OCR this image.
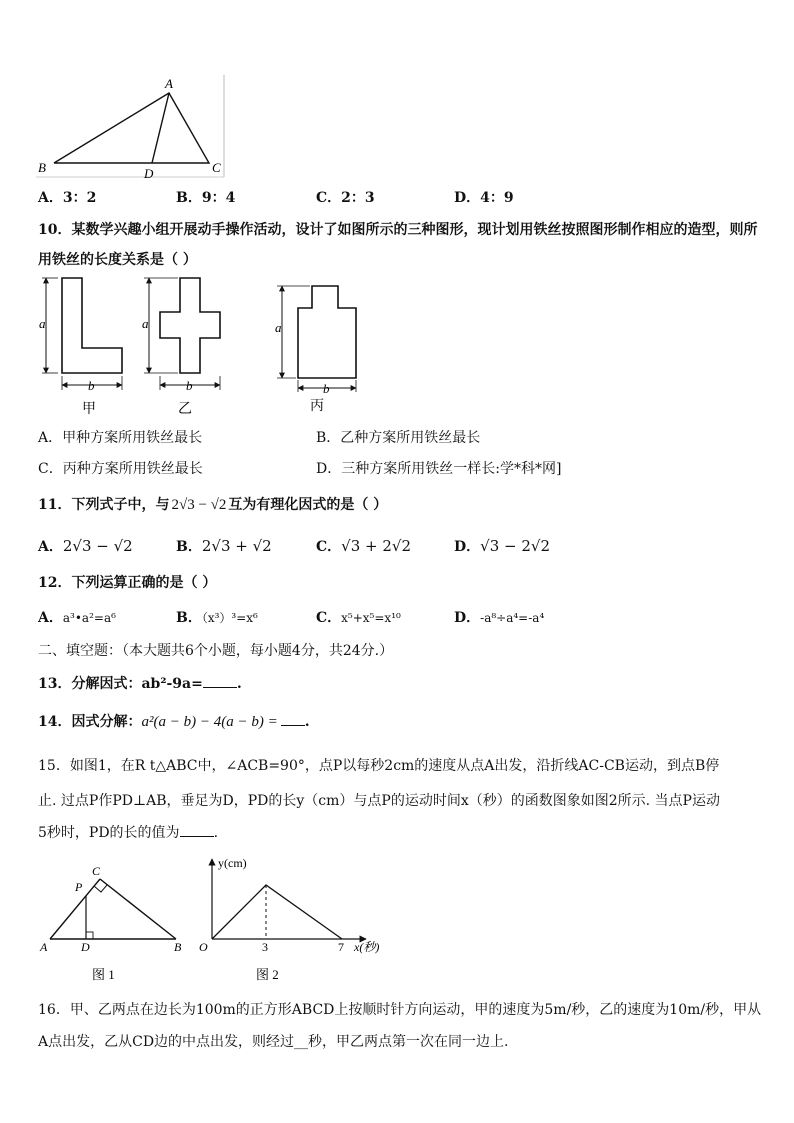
A
B	C
D
A．3：2	B．9：4	C．2：3	D．4：9
10．某数学兴趣小组开展动手操作活动，设计了如图所示的三种图形，现计划用铁丝按照图形制作相应的造型，则所
用铁丝的长度关系是（ ）
a
b
甲
a
b
乙
a
b
丙
A．甲种方案所用铁丝最长	B．乙种方案所用铁丝最长
C．丙种方案所用铁丝最长	D．三种方案所用铁丝一样长:学*科*网]
11．下列式子中，与 2√3 − √2 互为有理化因式的是（ ）
A．2√3 − √2	B．2√3 + √2	C．√3 + 2√2	D．√3 − 2√2
12．下列运算正确的是（ ）
A．a³•a²=a⁶	B．（x³）³=x⁶	C．x⁵+x⁵=x¹⁰	D．-a⁸÷a⁴=-a⁴
二、填空题：（本大题共6个小题，每小题4分，共24分.）
13．分解因式：ab²-9a= .
14．因式分解：a²(a − b) − 4(a − b) = .
15．如图1，在R t△ABC中，∠ACB=90°，点P以每秒2cm的速度从点A出发，沿折线AC-CB运动，到点B停
止. 过点P作PD⊥AB，垂足为D，PD的长y（cm）与点P的运动时间x（秒）的函数图象如图2所示. 当点P运动
5秒时，PD的长的值为 .
A	B
C
P
D
图 1
y(cm)
x(秒)
O	3	7
图 2
16．甲、乙两点在边长为100m的正方形ABCD上按顺时针方向运动，甲的速度为5m/秒，乙的速度为10m/秒，甲从
A点出发，乙从CD边的中点出发，则经过__秒，甲乙两点第一次在同一边上.
